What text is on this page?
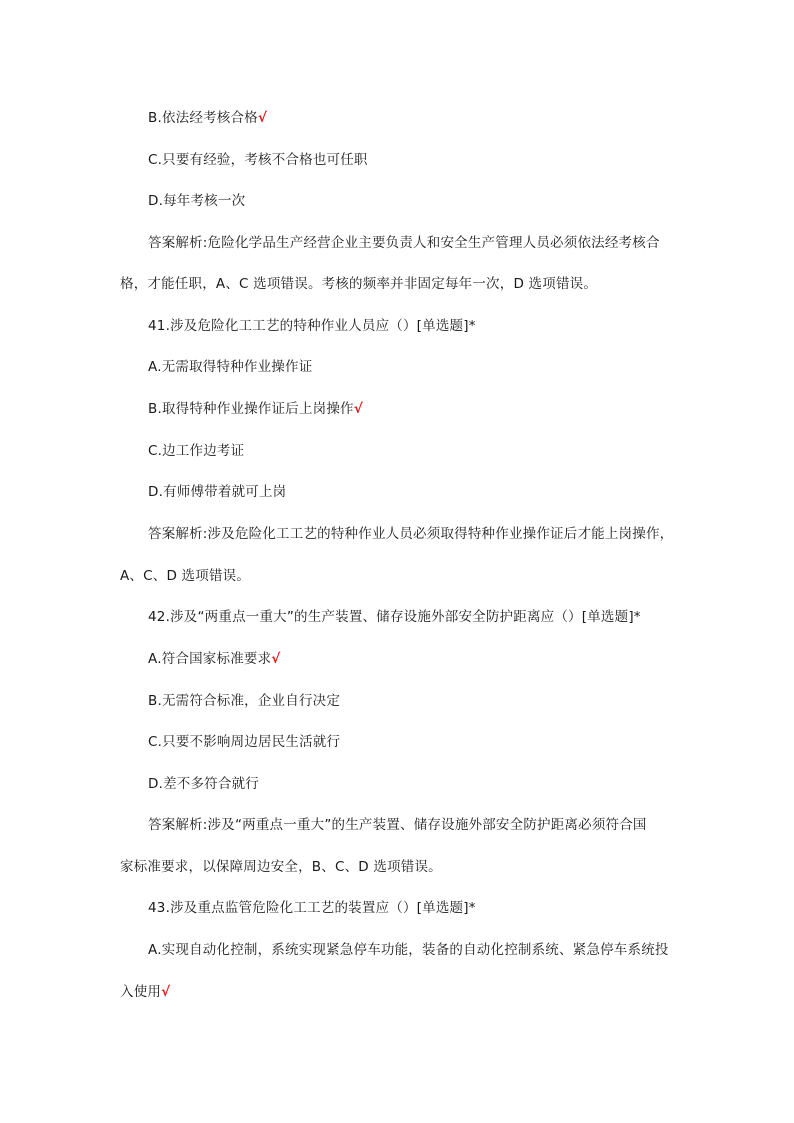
B.依法经考核合格√
C.只要有经验，考核不合格也可任职
D.每年考核一次
答案解析:危险化学品生产经营企业主要负责人和安全生产管理人员必须依法经考核合
格，才能任职，A、C 选项错误。考核的频率并非固定每年一次，D 选项错误。
41.涉及危险化工工艺的特种作业人员应（）[单选题]*
A.无需取得特种作业操作证
B.取得特种作业操作证后上岗操作√
C.边工作边考证
D.有师傅带着就可上岗
答案解析:涉及危险化工工艺的特种作业人员必须取得特种作业操作证后才能上岗操作，
A、C、D 选项错误。
42.涉及“两重点一重大”的生产装置、储存设施外部安全防护距离应（）[单选题]*
A.符合国家标准要求√
B.无需符合标准，企业自行决定
C.只要不影响周边居民生活就行
D.差不多符合就行
答案解析:涉及“两重点一重大”的生产装置、储存设施外部安全防护距离必须符合国
家标准要求，以保障周边安全，B、C、D 选项错误。
43.涉及重点监管危险化工工艺的装置应（）[单选题]*
A.实现自动化控制，系统实现紧急停车功能，装备的自动化控制系统、紧急停车系统投
入使用√
